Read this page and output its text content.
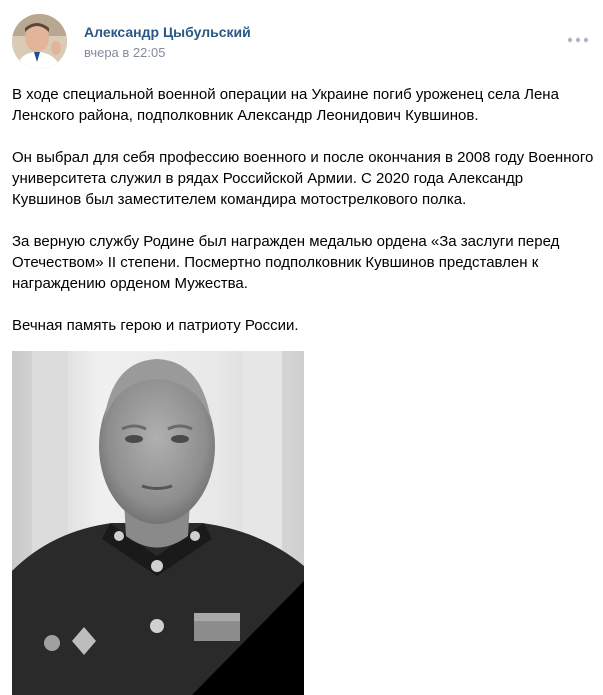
Александр Цыбульский
вчера в 22:05

В ходе специальной военной операции на Украине погиб уроженец села Лена Ленского района, подполковник Александр Леонидович Кувшинов.

Он выбрал для себя профессию военного и после окончания в 2008 году Военного университета служил в рядах Российской Армии. С 2020 года Александр Кувшинов был заместителем командира мотострелкового полка.

За верную службу Родине был награжден медалью ордена «За заслуги перед Отечеством» II степени. Посмертно подполковник Кувшинов представлен к награждению орденом Мужества.

Вечная память герою и патриоту России.
